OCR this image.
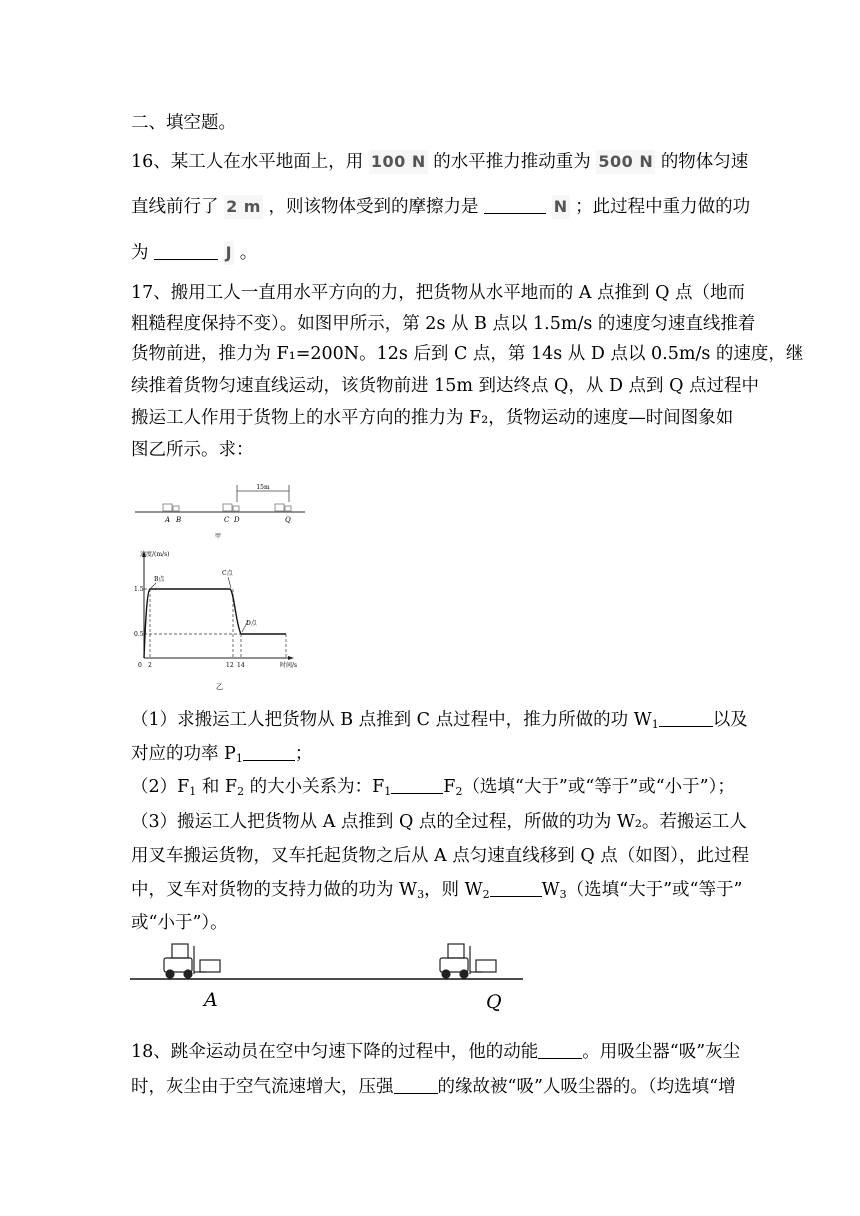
二、填空题。
16、某工人在水平地面上，用 100 N 的水平推力推动重为 500 N 的物体匀速
直线前行了 2 m ，则该物体受到的摩擦力是	N ；此过程中重力做的功
为	J 。
17、搬用工人一直用水平方向的力，把货物从水平地而的 A 点推到 Q 点（地而
粗糙程度保持不变）。如图甲所示，第 2s 从 B 点以 1.5m/s 的速度匀速直线推着
货物前进，推力为 F₁=200N。12s 后到 C 点，第 14s 从 D 点以 0.5m/s 的速度，继
续推着货物匀速直线运动，该货物前进 15m 到达终点 Q，从 D 点到 Q 点过程中
搬运工人作用于货物上的水平方向的推力为 F₂，货物运动的速度—时间图象如
图乙所示。求：
15m
A B	C D	Q
甲
速度/(m/s)
时间/s
1.5
0.5
0 2	12 14
B点
C点
D点
乙
（1）求搬运工人把货物从 B 点推到 C 点过程中，推力所做的功 $W_1$	以及
对应的功率 $P_1$	；
$(2)F_1$ 和 $F_2$ 的大小关系为：$F_1$	$F_2$（选填“大于”或“等于”或“小于”）；
（3）搬运工人把货物从 A 点推到 Q 点的全过程，所做的功为 W₂。若搬运工人
用叉车搬运货物，叉车托起货物之后从 A 点匀速直线移到 Q 点（如图），此过程
中，叉车对货物的支持力做的功为 $W_3$，则 $W_2$	$W_3$（选填“大于”或“等于”
或“小于”）。
A	Q
18、跳伞运动员在空中匀速下降的过程中，他的动能	。用吸尘器“吸”灰尘
时，灰尘由于空气流速增大，压强	的缘故被“吸”人吸尘器的。（均选填“增
